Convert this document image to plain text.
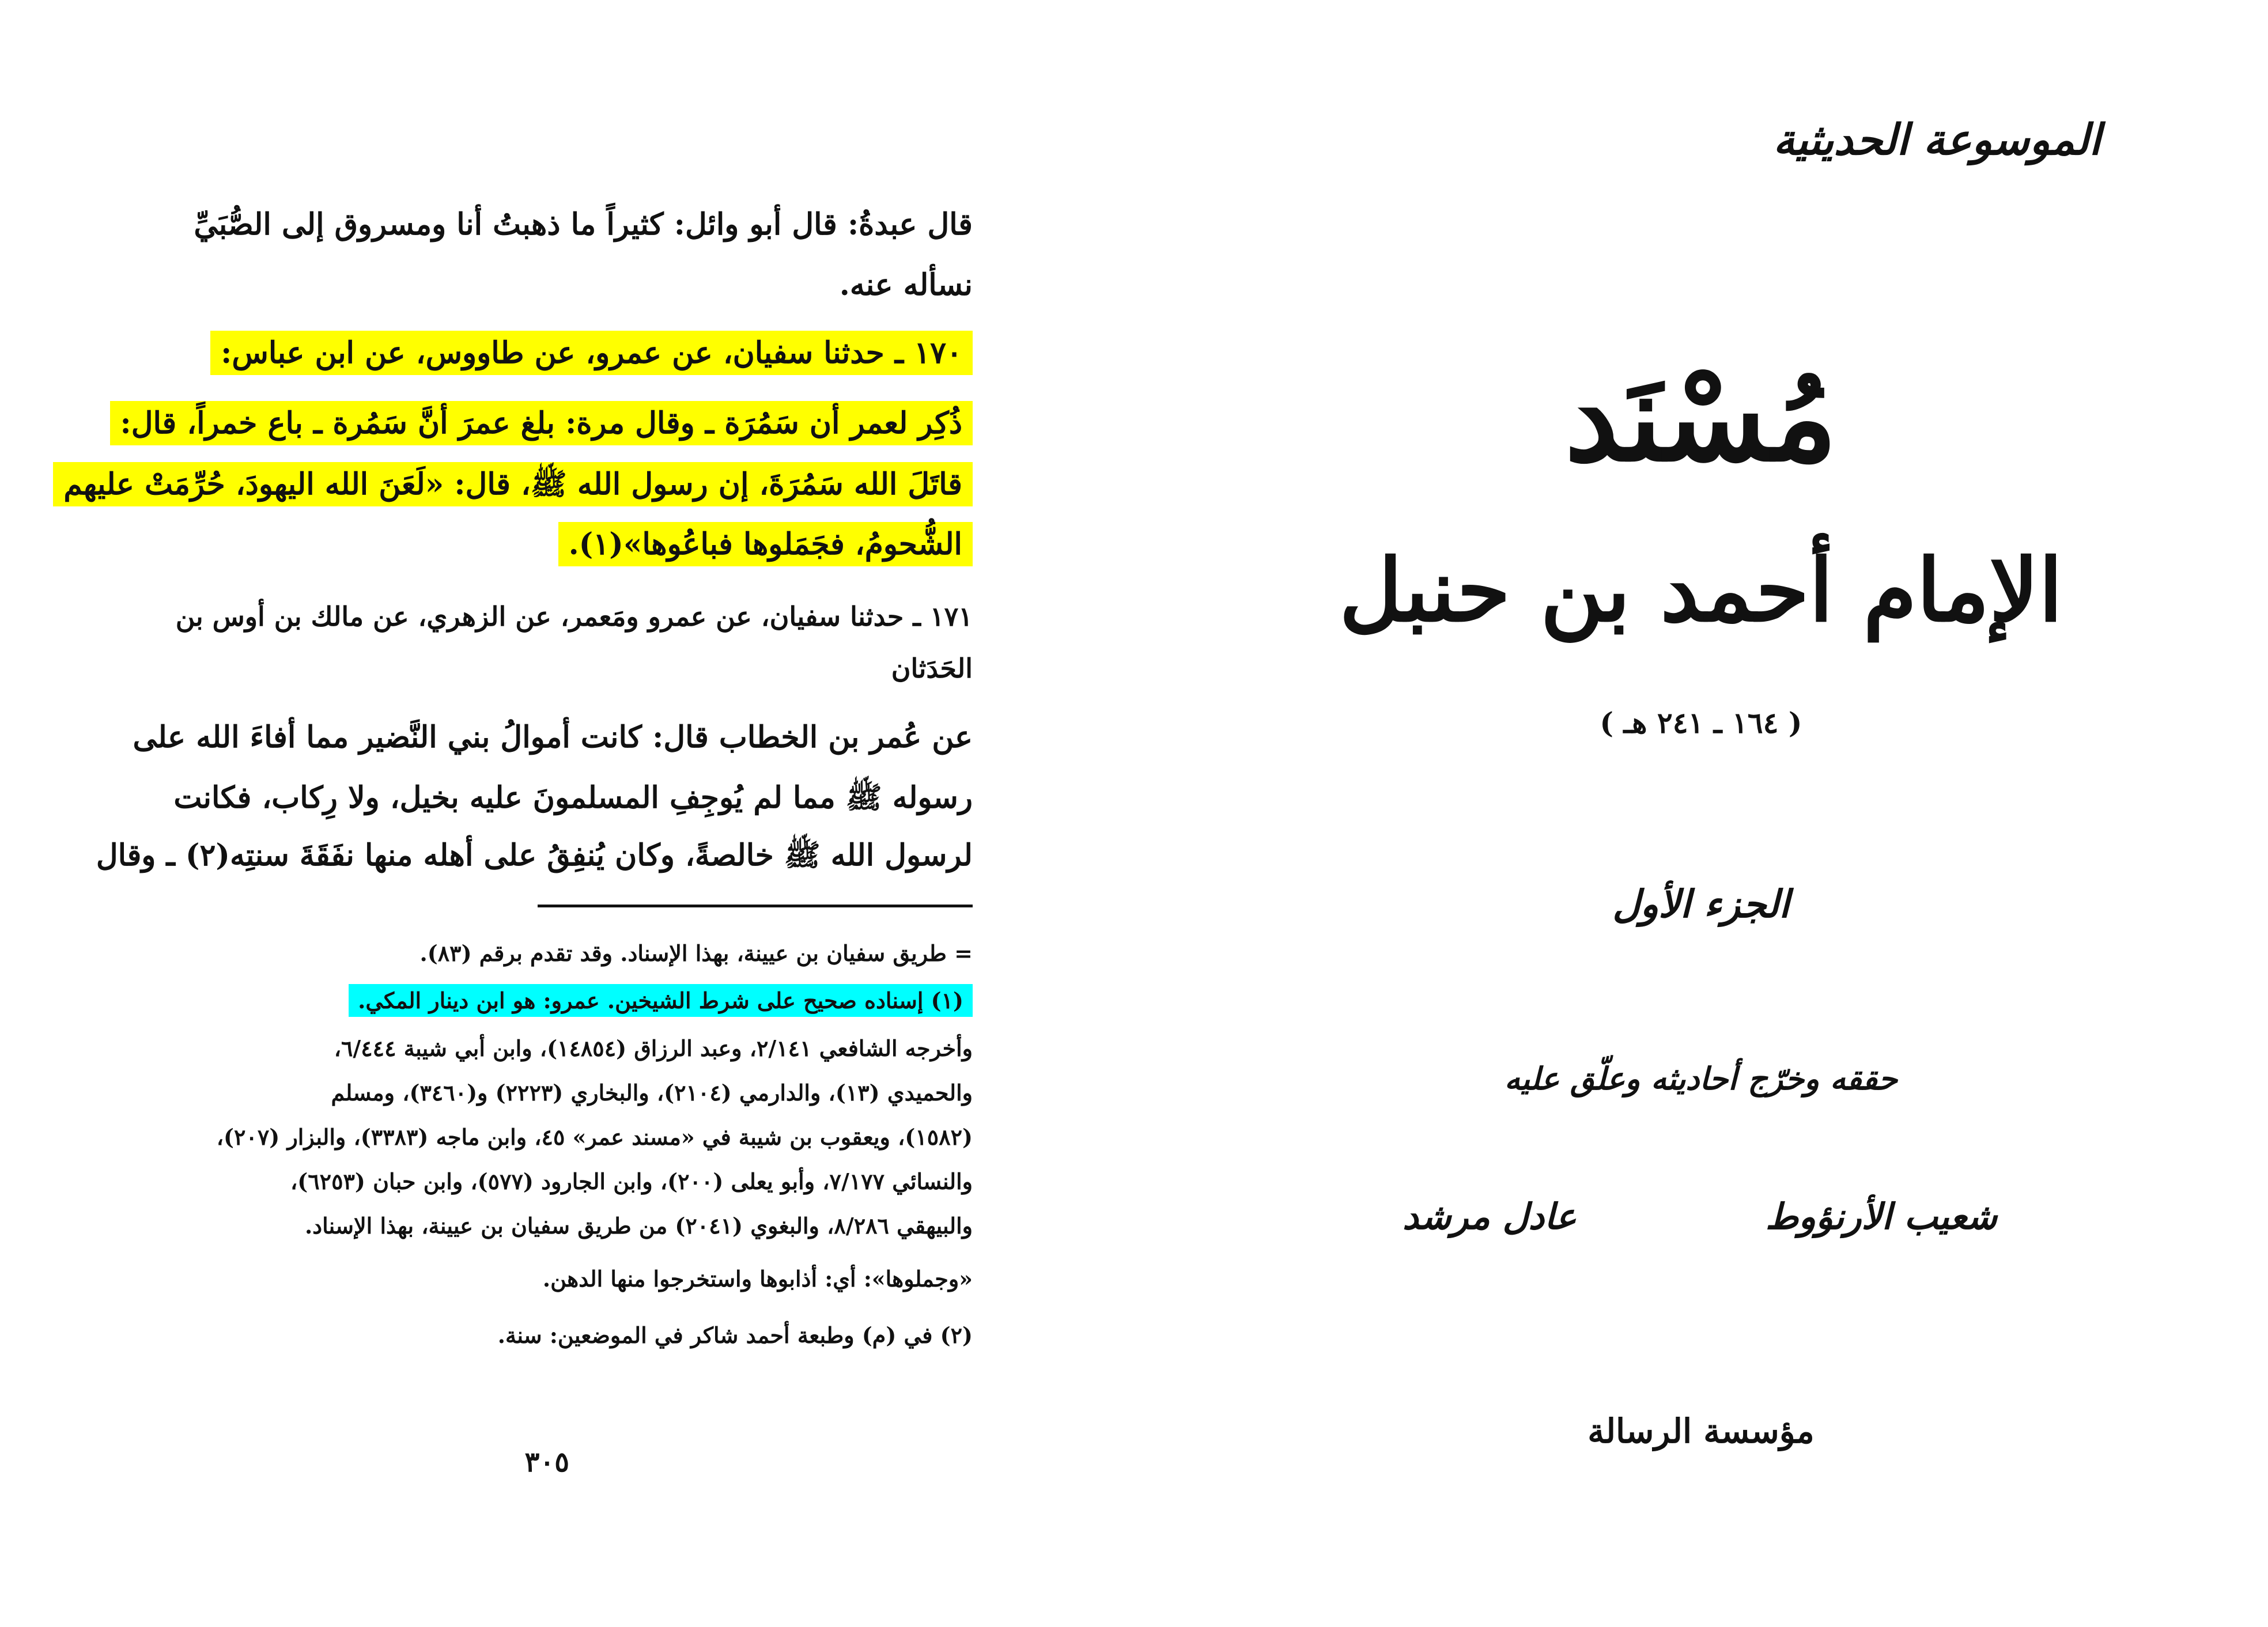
قال عبدةُ: قال أبو وائل: كثيراً ما ذهبتُ أنا ومسروق إلى الصُّبَيِّ
نسأله عنه.
١٧٠ ـ حدثنا سفيان، عن عمرو، عن طاووس، عن ابن عباس:
ذُكِر لعمر أن سَمُرَة ـ وقال مرة: بلغ عمرَ أنَّ سَمُرة ـ باع خمراً، قال:
قاتَلَ الله سَمُرَةَ، إن رسول الله ﷺ، قال: «لَعَنَ الله اليهودَ، حُرِّمَتْ عليهم
الشُّحومُ، فجَمَلوها فباعُوها»(١).
١٧١ ـ حدثنا سفيان، عن عمرو ومَعمر، عن الزهري، عن مالك بن أوس بن
الحَدَثان
عن عُمر بن الخطاب قال: كانت أموالُ بني النَّضير مما أفاءَ الله على
رسوله ﷺ مما لم يُوجِفِ المسلمونَ عليه بخيل، ولا رِكاب، فكانت
لرسول الله ﷺ خالصةً، وكان يُنفِقُ على أهله منها نفَقَةَ سنتِه(٢) ـ وقال
= طريق سفيان بن عيينة، بهذا الإسناد. وقد تقدم برقم (٨٣).
(١) إسناده صحيح على شرط الشيخين. عمرو: هو ابن دينار المكي.
وأخرجه الشافعي ٢/١٤١، وعبد الرزاق (١٤٨٥٤)، وابن أبي شيبة ٦/٤٤٤،
والحميدي (١٣)، والدارمي (٢١٠٤)، والبخاري (٢٢٢٣) و(٣٤٦٠)، ومسلم
(١٥٨٢)، ويعقوب بن شيبة في «مسند عمر» ٤٥، وابن ماجه (٣٣٨٣)، والبزار (٢٠٧)،
والنسائي ٧/١٧٧، وأبو يعلى (٢٠٠)، وابن الجارود (٥٧٧)، وابن حبان (٦٢٥٣)،
والبيهقي ٨/٢٨٦، والبغوي (٢٠٤١) من طريق سفيان بن عيينة، بهذا الإسناد.
«وجملوها»: أي: أذابوها واستخرجوا منها الدهن.
(٢) في (م) وطبعة أحمد شاكر في الموضعين: سنة.
٣٠٥
الموسوعة الحديثية
مُسْنَد
الإمام أحمد بن حنبل
( ١٦٤ ـ ٢٤١ هـ )
الجزء الأول
حققه وخرّج أحاديثه وعلّق عليه
شعيب الأرنؤوط
عادل مرشد
مؤسسة الرسالة
